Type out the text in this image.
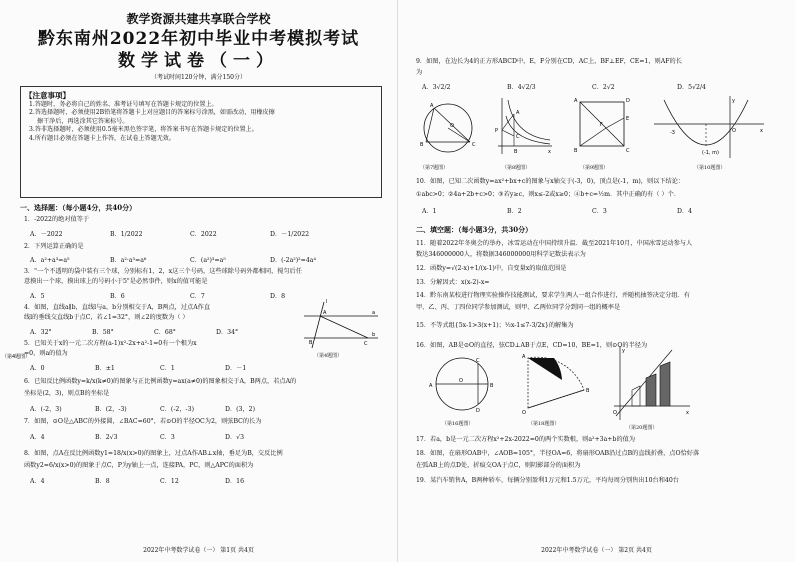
教学资源共建共享联合学校
黔东南州2022年初中毕业中考模拟考试
数学试卷（一）
（考试时间120分钟，满分150分）
【注意事项】
1.答题时，务必将自己的姓名、准考证号填写在答题卡规定的位置上。
2.答选择题时，必须使用2B铅笔将答题卡上对应题目的答案标号涂黑，如需改动，用橡皮擦
擦干净后，再选涂其它答案标号。
3.答非选择题时，必须使用0.5毫米黑色签字笔，将答案书写在答题卡规定的位置上。
4.所有题目必须在答题卡上作答，在试卷上答题无效。
一、选择题：（每小题4分，共40分）
1．-2022的绝对值等于
A．－2022	B．1/2022	C．2022	D．－1/2022
2．下列运算正确的是
A．a²+a³=a⁵	B．a²·a³=a⁶	C．(a²)³=a⁵	D．(-2a²)²=4a⁴
3．"一个不透明的袋中装有三个球，分别标有1，2，x这三个号码，这些球除号码外都相同，搅匀后任
意摸出一个球，摸出球上的号码小于5"是必然事件，则x的值可能是
A．5	B．6	C．7	D．8
4．如图，直线a∥b，直线l与a，b分别相交于A，B两点，过点A作直
线l的垂线交直线b于点C，若∠1=32°，则∠2的度数为（ ）
A．32°	B．58°	C．68°	D．34°
a
b
A
B	C
l
（第4题图）	（第4题图）
5．已知关于x的一元二次方程(a-1)x²-2x+a²-1=0有一个根为x
=0，则a的值为
A．0	B．±1	C．1	D．－1
6．已知反比例函数y=k/x(k≠0)的图象与正比例函数y=ax(a≠0)的图象相交于A，B两点，若点A的
坐标是(2，3)，则点B的坐标是
A．(-2，3)	B．(2，-3)	C．(-2，-3)	D．(3，2)
7．如图，⊙O是△ABC的外接圆，∠BAC=60°，若⊙O的半径OC为2，则弦BC的长为
A．4	B．2√3	C．3	D．√3
8．如图，点A在反比例函数y1=18/x(x>0)的图象上，过点A作AB⊥x轴，垂足为B，交反比例
函数y2=6/x(x>0)的图象于点C，P为y轴上一点，连接PA，PC，则△APC的面积为
A．4	B．8	C．12	D．16
2022年中考数学试卷（一） 第1页 共4页
9．如图，在边长为4的正方形ABCD中，E，F分别在CD，AC上，BF⊥EF，CE=1，则AF的长
为
A．3√2/2	B．4√2/3	C．2√2	D．5√2/4
A
B	C
O
A
C
B
P
x
A	D
B	C
E
F
-3
(-1, m)
O	x
y
（第7题图）	（第8题图）	（第9题图）	（第10题图）
10．如图，已知二次函数y=ax²+bx+c的图象与x轴交于(-3，0)，顶点是(-1，m)，则以下结论：
①abc>0；②4a+2b+c>0；③若y≥c，则x≤-2或x≥0；④b+c=½m．其中正确的有（ ）个．
A．1	B．2	C．3	D．4
二、填空题：（每小题3分，共30分）
11．随着2022年冬奥会的举办，冰雪运动在中国持续升温．截至2021年10月，中国冰雪运动参与人
数达346000000人，将数据346000000用科学记数法表示为
12．函数y=√(2-x)+1/(x-1)中，自变量x的取值范围是
13．分解因式：x(x-2)-x=
14．黔东南某校进行物理实验操作技能测试，要求学生两人一组合作进行，并随机抽签决定分组．有
甲、乙、丙、丁四位同学参加测试，则甲、乙两位同学分到同一组的概率是
15．不等式组{5x-1>3(x+1)；½x-1≤7-3/2x}的解集为
16．如图，AB是⊙O的直径，弦CD⊥AB于点E，CD=10，BE=1，则⊙O的半径为
A	B
C
D
O
O
B
A
y
x
O
（第16题图）	（第18题图）
（第20题图）
17．若a，b是一元二次方程x²+2x-2022=0的两个实数根，则a²+3a+b的值为
18．如图，在扇形OAB中，∠AOB=105°，半径OA=6，将扇形OAB沿过点B的直线折叠，点O恰好落
在弧AB上的点D处，折痕交OA于点C，则阴影部分的面积为
19．某汽车销售A，B两种轿车，每辆分别盈利1万元和1.5万元，平均每周分别售出10台和40台
2022年中考数学试卷（一） 第2页 共4页
